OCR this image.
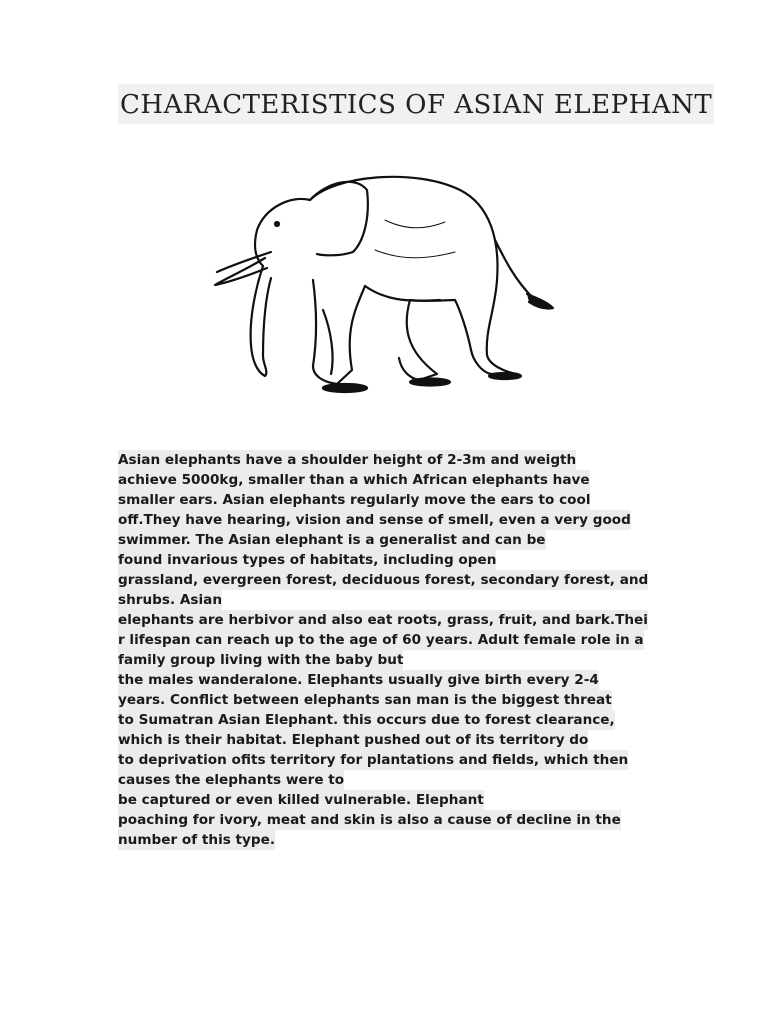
CHARACTERISTICS OF ASIAN ELEPHANT
Asian elephants have a shoulder height of 2-3m and weigth
achieve 5000kg, smaller than a which African elephants have
smaller ears. Asian elephants regularly move the ears to cool
off.They have hearing, vision and sense of smell, even a very good
swimmer. The Asian elephant is a generalist and can be
found invarious types of habitats, including open
grassland, evergreen forest, deciduous forest, secondary forest, and
shrubs. Asian
elephants are herbivor and also eat roots, grass, fruit, and bark.Thei
r lifespan can reach up to the age of 60 years. Adult female role in a
family group living with the baby but
the males wanderalone. Elephants usually give birth every 2-4
years. Conflict between elephants san man is the biggest threat
to Sumatran Asian Elephant. this occurs due to forest clearance,
which is their habitat. Elephant pushed out of its territory do
to deprivation ofits territory for plantations and fields, which then
causes the elephants were to
be captured or even killed vulnerable. Elephant
poaching for ivory, meat and skin is also a cause of decline in the
number of this type.
